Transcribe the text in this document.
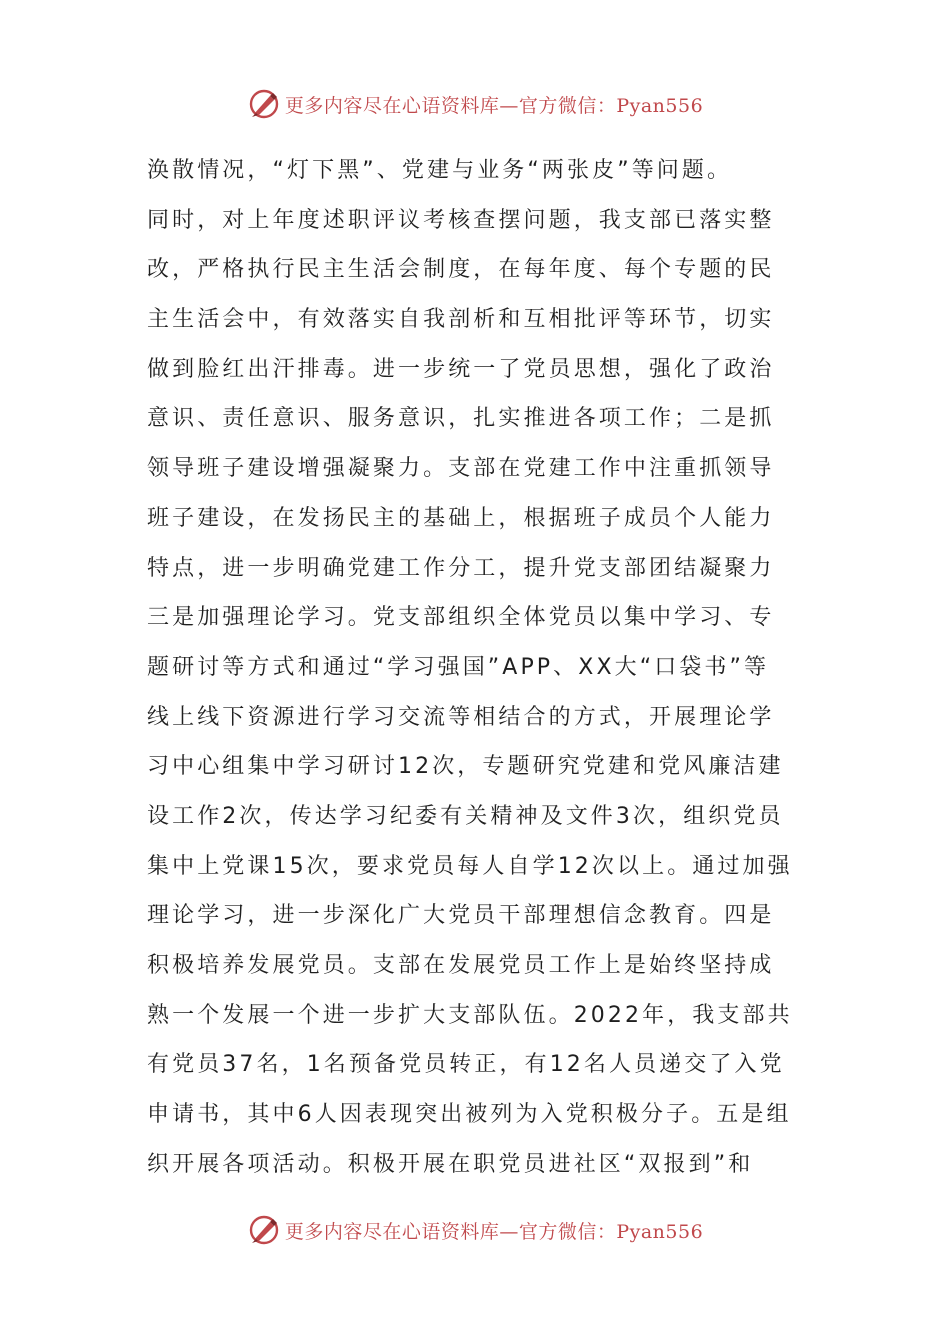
更多内容尽在心语资料库—官方微信：Pyan556
涣散情况，“灯下黑”、党建与业务“两张皮”等问题。
同时，对上年度述职评议考核查摆问题，我支部已落实整
改，严格执行民主生活会制度，在每年度、每个专题的民
主生活会中，有效落实自我剖析和互相批评等环节，切实
做到脸红出汗排毒。进一步统一了党员思想，强化了政治
意识、责任意识、服务意识，扎实推进各项工作；二是抓
领导班子建设增强凝聚力。支部在党建工作中注重抓领导
班子建设，在发扬民主的基础上，根据班子成员个人能力
特点，进一步明确党建工作分工，提升党支部团结凝聚力
三是加强理论学习。党支部组织全体党员以集中学习、专
题研讨等方式和通过“学习强国”APP、XX大“口袋书”等
线上线下资源进行学习交流等相结合的方式，开展理论学
习中心组集中学习研讨12次，专题研究党建和党风廉洁建
设工作2次，传达学习纪委有关精神及文件3次，组织党员
集中上党课15次，要求党员每人自学12次以上。通过加强
理论学习，进一步深化广大党员干部理想信念教育。四是
积极培养发展党员。支部在发展党员工作上是始终坚持成
熟一个发展一个进一步扩大支部队伍。2022年，我支部共
有党员37名，1名预备党员转正，有12名人员递交了入党
申请书，其中6人因表现突出被列为入党积极分子。五是组
织开展各项活动。积极开展在职党员进社区“双报到”和
更多内容尽在心语资料库—官方微信：Pyan556
